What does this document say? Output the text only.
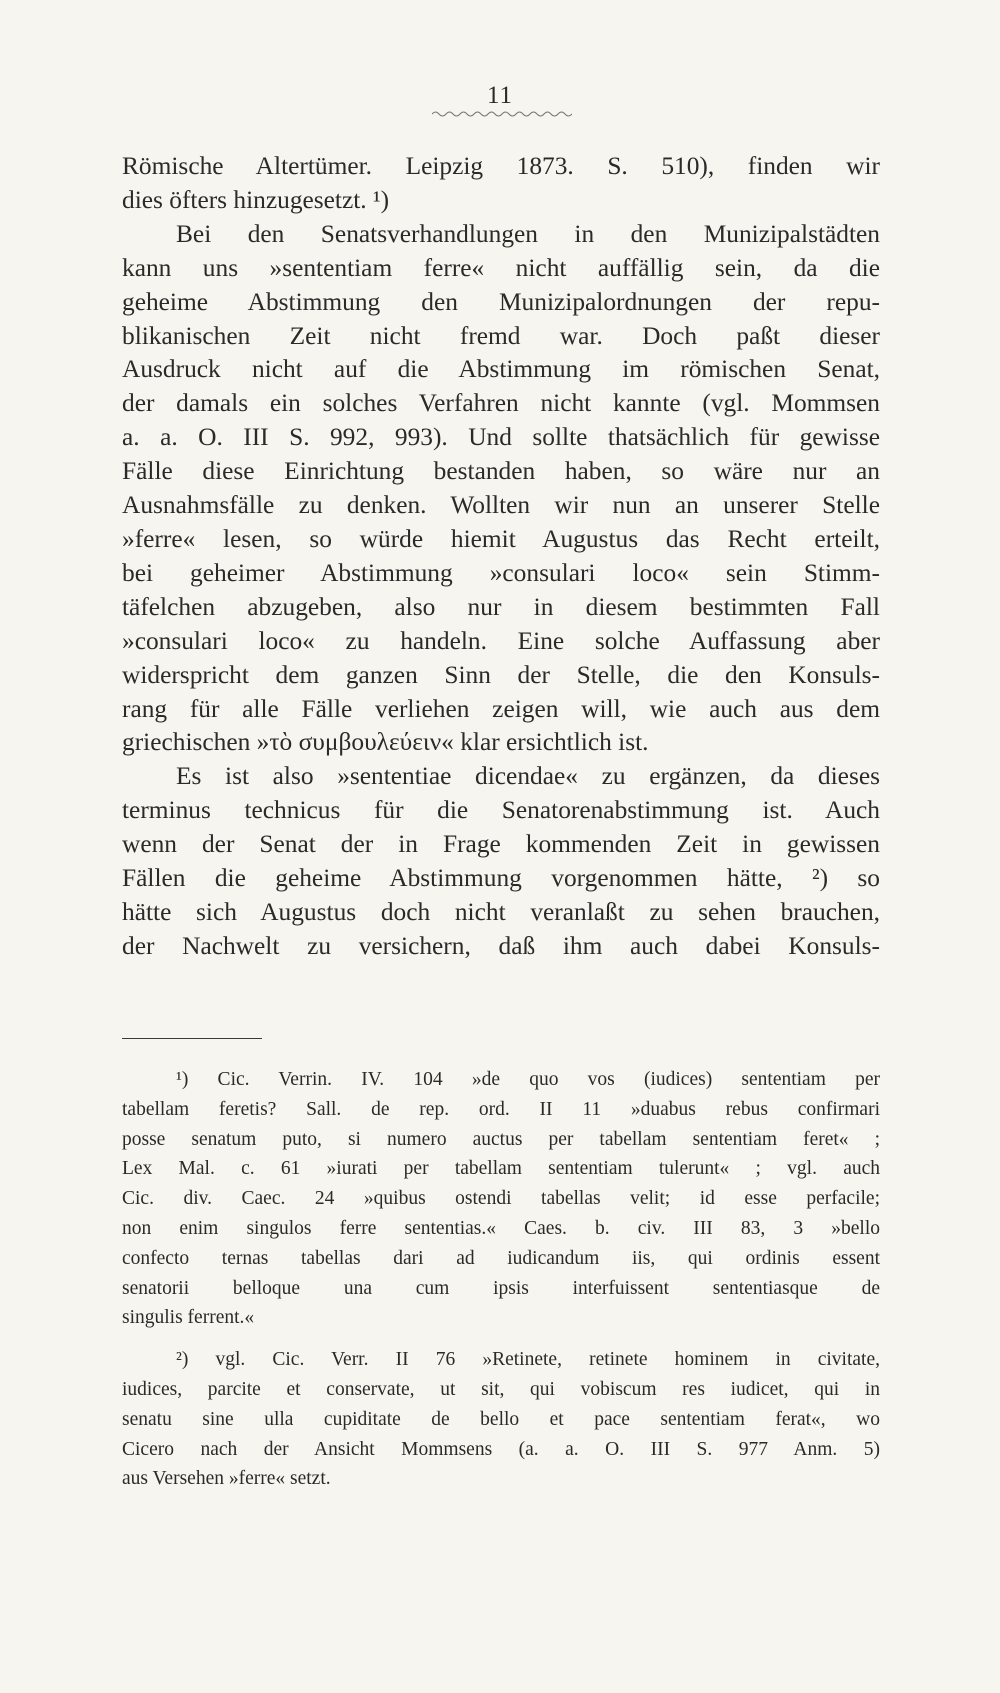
11
Römische Altertümer. Leipzig 1873. S. 510), finden wir
dies öfters hinzugesetzt. ¹)
Bei den Senatsverhandlungen in den Munizipalstädten
kann uns »sententiam ferre« nicht auffällig sein, da die
geheime Abstimmung den Munizipalordnungen der repu-
blikanischen Zeit nicht fremd war. Doch paßt dieser
Ausdruck nicht auf die Abstimmung im römischen Senat,
der damals ein solches Verfahren nicht kannte (vgl. Mommsen
a. a. O. III S. 992, 993). Und sollte thatsächlich für gewisse
Fälle diese Einrichtung bestanden haben, so wäre nur an
Ausnahmsfälle zu denken. Wollten wir nun an unserer Stelle
»ferre« lesen, so würde hiemit Augustus das Recht erteilt,
bei geheimer Abstimmung »consulari loco« sein Stimm-
täfelchen abzugeben, also nur in diesem bestimmten Fall
»consulari loco« zu handeln. Eine solche Auffassung aber
widerspricht dem ganzen Sinn der Stelle, die den Konsuls-
rang für alle Fälle verliehen zeigen will, wie auch aus dem
griechischen »τὸ συμβουλεύειν« klar ersichtlich ist.
Es ist also »sententiae dicendae« zu ergänzen, da dieses
terminus technicus für die Senatorenabstimmung ist. Auch
wenn der Senat der in Frage kommenden Zeit in gewissen
Fällen die geheime Abstimmung vorgenommen hätte, ²) so
hätte sich Augustus doch nicht veranlaßt zu sehen brauchen,
der Nachwelt zu versichern, daß ihm auch dabei Konsuls-
¹) Cic. Verrin. IV. 104 »de quo vos (iudices) sententiam per
tabellam feretis? Sall. de rep. ord. II 11 »duabus rebus confirmari
posse senatum puto, si numero auctus per tabellam sententiam feret« ;
Lex Mal. c. 61 »iurati per tabellam sententiam tulerunt« ; vgl. auch
Cic. div. Caec. 24 »quibus ostendi tabellas velit; id esse perfacile;
non enim singulos ferre sententias.« Caes. b. civ. III 83, 3 »bello
confecto ternas tabellas dari ad iudicandum iis, qui ordinis essent
senatorii belloque una cum ipsis interfuissent sententiasque de
singulis ferrent.«
²) vgl. Cic. Verr. II 76 »Retinete, retinete hominem in civitate,
iudices, parcite et conservate, ut sit, qui vobiscum res iudicet, qui in
senatu sine ulla cupiditate de bello et pace sententiam ferat«, wo
Cicero nach der Ansicht Mommsens (a. a. O. III S. 977 Anm. 5)
aus Versehen »ferre« setzt.
